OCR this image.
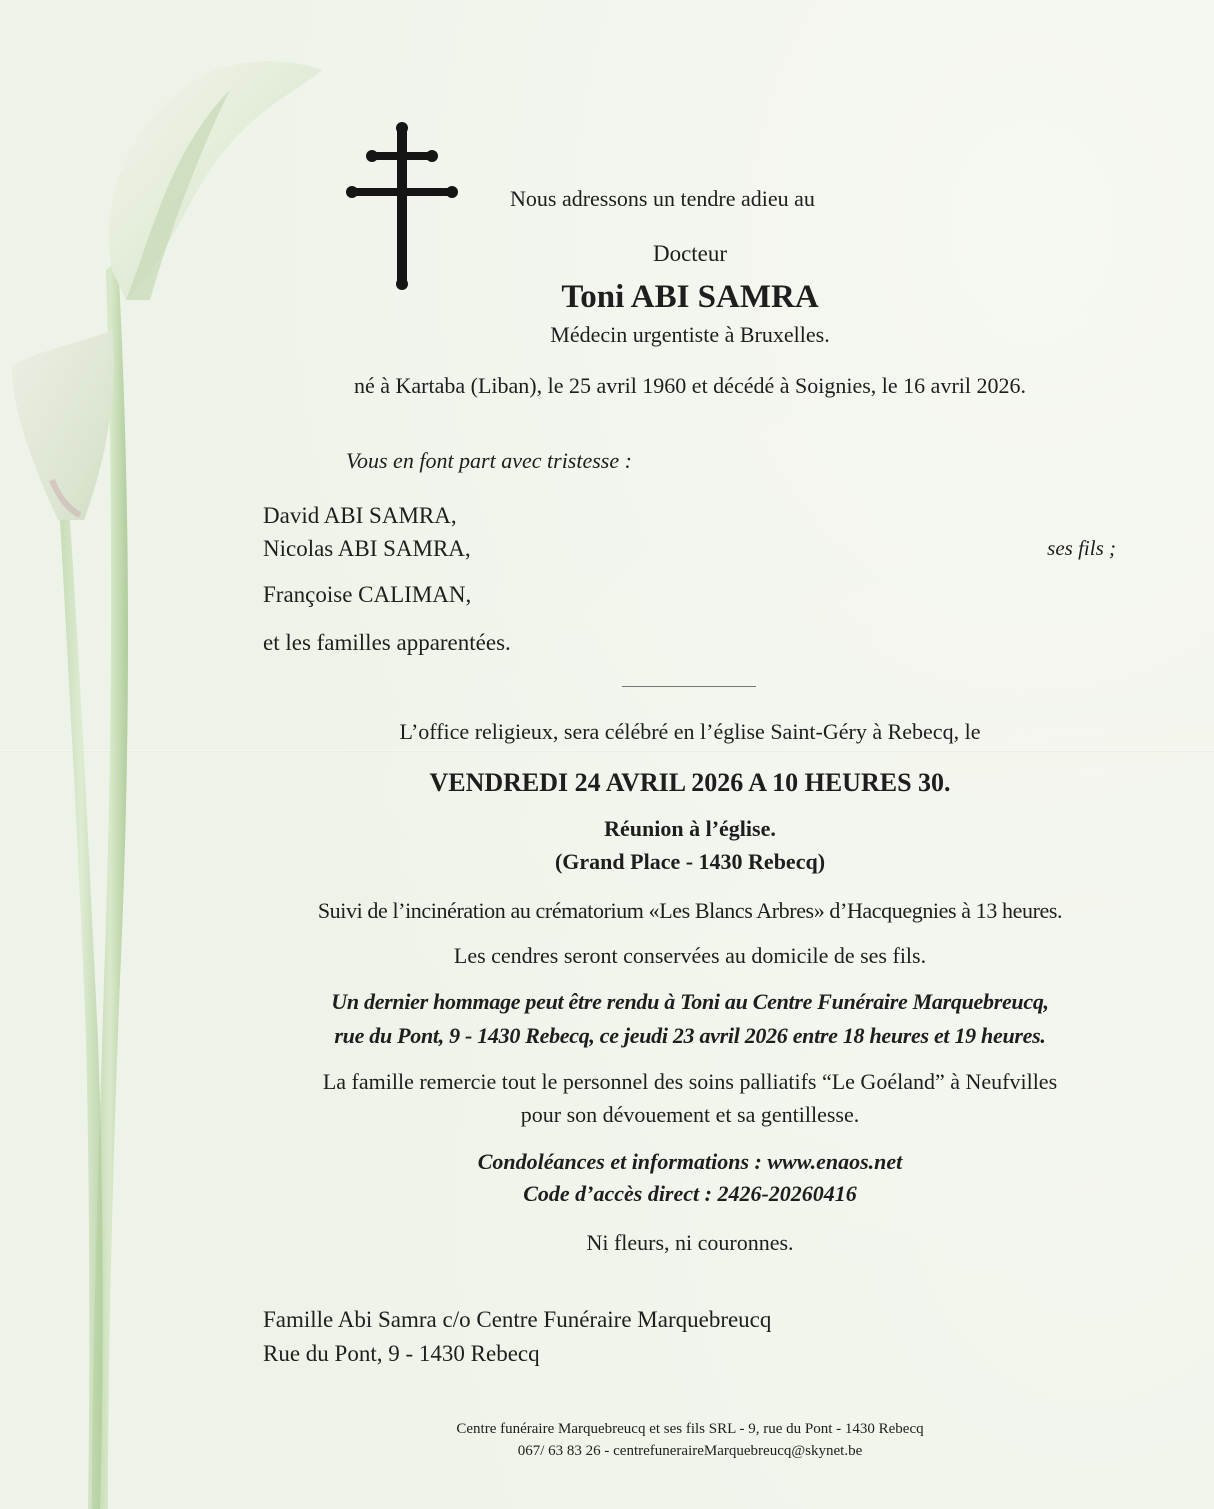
Nous adressons un tendre adieu au

Docteur

Toni ABI SAMRA

Médecin urgentiste à Bruxelles.

né à Kartaba (Liban), le 25 avril 1960 et décédé à Soignies, le 16 avril 2026.

Vous en font part avec tristesse :

David ABI SAMRA,

Nicolas ABI SAMRA,	ses fils ;

Françoise CALIMAN,

et les familles apparentées.

L’office religieux, sera célébré en l’église Saint-Géry à Rebecq, le

VENDREDI 24 AVRIL 2026 A 10 HEURES 30.

Réunion à l’église.

(Grand Place - 1430 Rebecq)

Suivi de l’incinération au crématorium «Les Blancs Arbres» d’Hacquegnies à 13 heures.

Les cendres seront conservées au domicile de ses fils.

Un dernier hommage peut être rendu à Toni au Centre Funéraire Marquebreucq,

rue du Pont, 9 - 1430 Rebecq, ce jeudi 23 avril 2026 entre 18 heures et 19 heures.

La famille remercie tout le personnel des soins palliatifs “Le Goéland” à Neufvilles

pour son dévouement et sa gentillesse.

Condoléances et informations : www.enaos.net

Code d’accès direct : 2426-20260416

Ni fleurs, ni couronnes.

Famille Abi Samra c/o Centre Funéraire Marquebreucq

Rue du Pont, 9 - 1430 Rebecq

Centre funéraire Marquebreucq et ses fils SRL - 9, rue du Pont - 1430 Rebecq

067/ 63 83 26 - centrefuneraireMarquebreucq@skynet.be
